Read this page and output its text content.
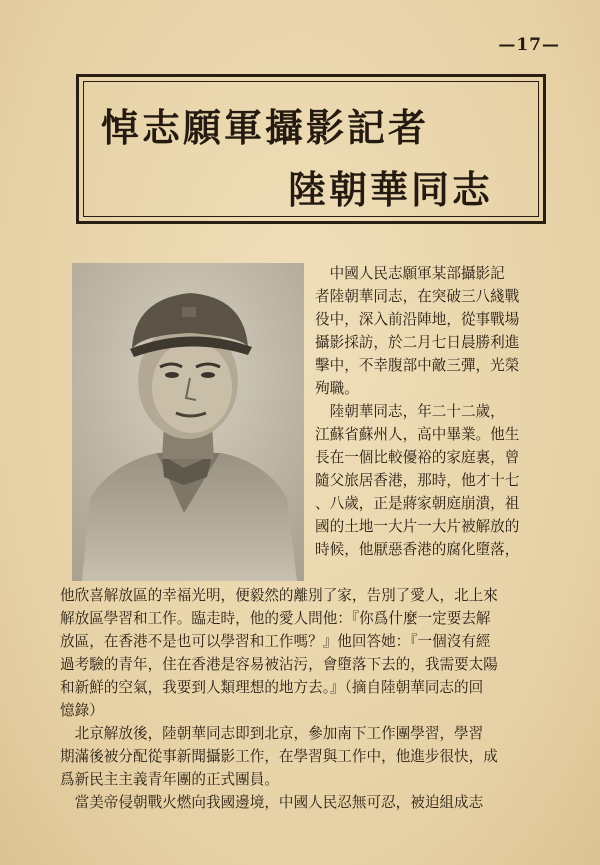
—17—
悼志願軍攝影記者
陸朝華同志
　中國人民志願軍某部攝影記
者陸朝華同志，在突破三八綫戰
役中，深入前沿陣地，從事戰場
攝影採訪，於二月七日晨勝利進
擊中，不幸腹部中敵三彈，光榮
殉職。
　陸朝華同志，年二十二歲，
江蘇省蘇州人，高中畢業。他生
長在一個比較優裕的家庭裏，曾
隨父旅居香港，那時，他才十七
、八歲，正是蔣家朝庭崩潰，祖
國的土地一大片一大片被解放的
時候，他厭惡香港的腐化墮落，
他欣喜解放區的幸福光明，便毅然的離別了家，告別了愛人，北上來
解放區學習和工作。臨走時，他的愛人問他：『你爲什麼一定要去解
放區，在香港不是也可以學習和工作嗎？』他回答她：『一個沒有經
過考驗的青年，住在香港是容易被沾污，會墮落下去的，我需要太陽
和新鮮的空氣，我要到人類理想的地方去。』（摘自陸朝華同志的回
憶錄）
　北京解放後，陸朝華同志即到北京，參加南下工作團學習，學習
期滿後被分配從事新聞攝影工作，在學習與工作中，他進步很快，成
爲新民主主義青年團的正式團員。
　當美帝侵朝戰火燃向我國邊境，中國人民忍無可忍，被迫組成志
